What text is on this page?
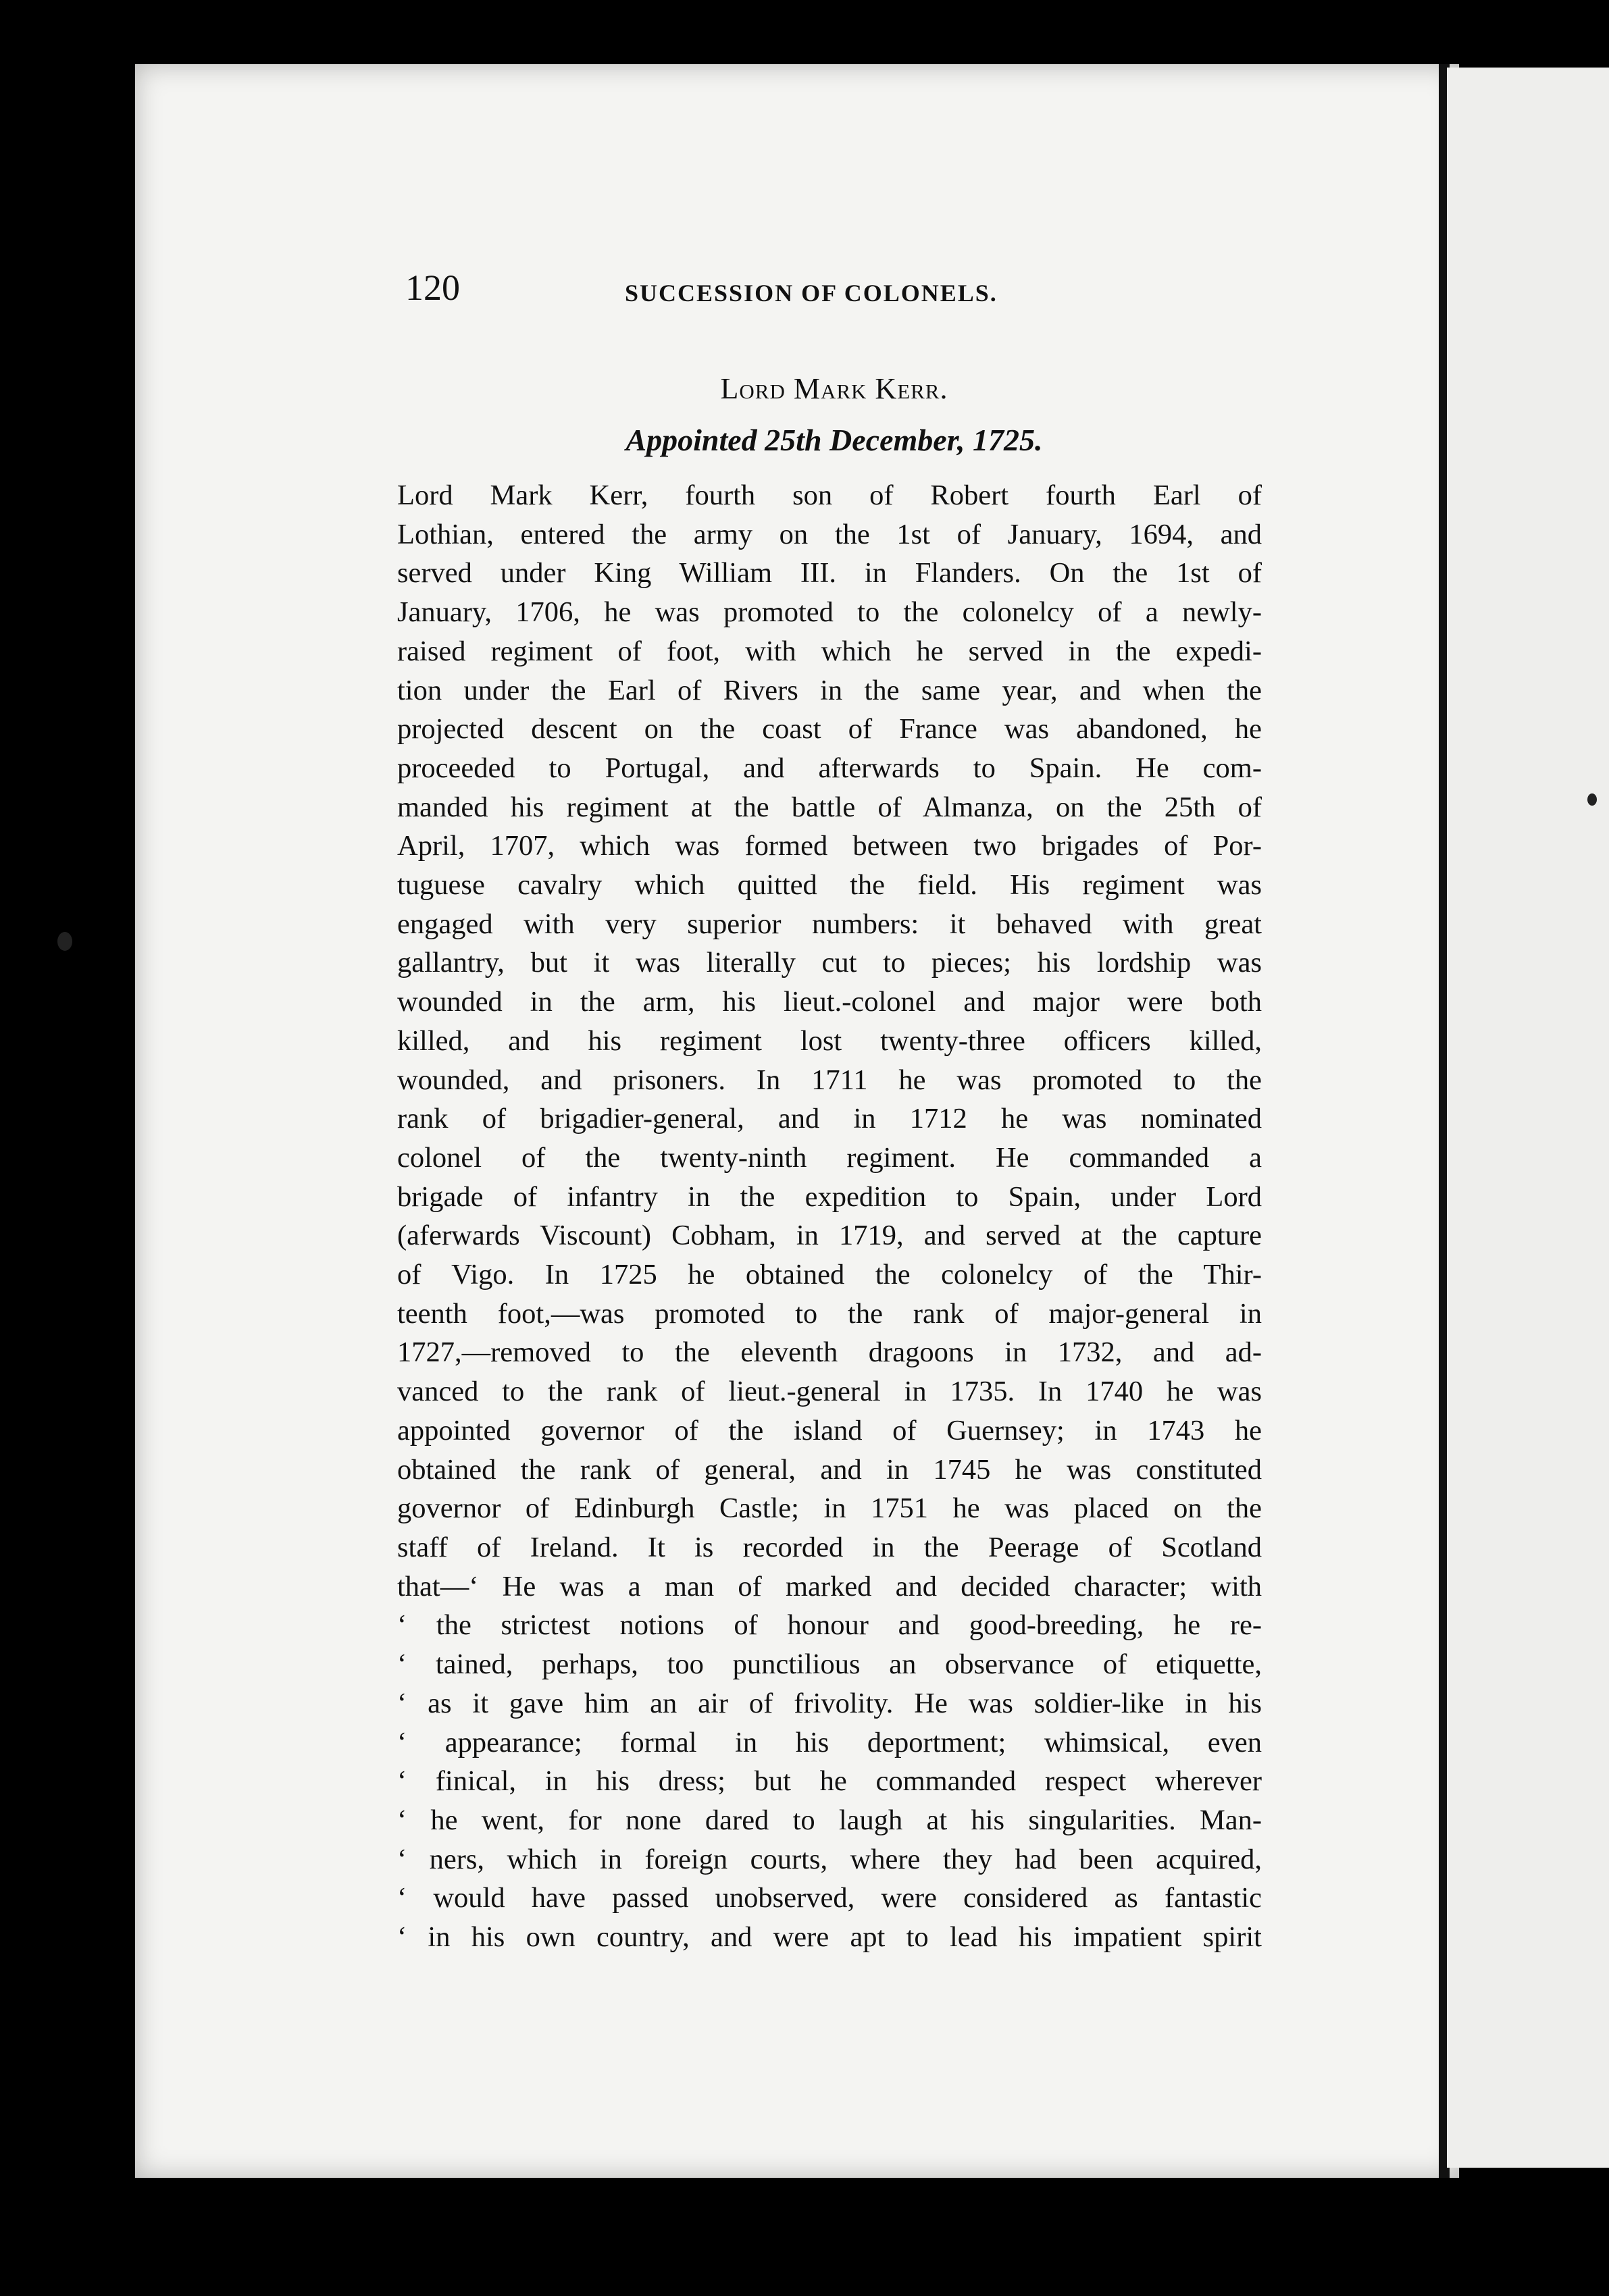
120	SUCCESSION OF COLONELS.
Lord Mark Kerr.
Appointed 25th December, 1725.
Lord Mark Kerr, fourth son of Robert fourth Earl of
Lothian, entered the army on the 1st of January, 1694, and
served under King William III. in Flanders. On the 1st of
January, 1706, he was promoted to the colonelcy of a newly-
raised regiment of foot, with which he served in the expedi-
tion under the Earl of Rivers in the same year, and when the
projected descent on the coast of France was abandoned, he
proceeded to Portugal, and afterwards to Spain. He com-
manded his regiment at the battle of Almanza, on the 25th of
April, 1707, which was formed between two brigades of Por-
tuguese cavalry which quitted the field. His regiment was
engaged with very superior numbers: it behaved with great
gallantry, but it was literally cut to pieces; his lordship was
wounded in the arm, his lieut.-colonel and major were both
killed, and his regiment lost twenty-three officers killed,
wounded, and prisoners. In 1711 he was promoted to the
rank of brigadier-general, and in 1712 he was nominated
colonel of the twenty-ninth regiment. He commanded a
brigade of infantry in the expedition to Spain, under Lord
(aferwards Viscount) Cobham, in 1719, and served at the capture
of Vigo. In 1725 he obtained the colonelcy of the Thir-
teenth foot,—was promoted to the rank of major-general in
1727,—removed to the eleventh dragoons in 1732, and ad-
vanced to the rank of lieut.-general in 1735. In 1740 he was
appointed governor of the island of Guernsey; in 1743 he
obtained the rank of general, and in 1745 he was constituted
governor of Edinburgh Castle; in 1751 he was placed on the
staff of Ireland. It is recorded in the Peerage of Scotland
that—‘ He was a man of marked and decided character; with
‘ the strictest notions of honour and good-breeding, he re-
‘ tained, perhaps, too punctilious an observance of etiquette,
‘ as it gave him an air of frivolity. He was soldier-like in his
‘ appearance; formal in his deportment; whimsical, even
‘ finical, in his dress; but he commanded respect wherever
‘ he went, for none dared to laugh at his singularities. Man-
‘ ners, which in foreign courts, where they had been acquired,
‘ would have passed unobserved, were considered as fantastic
‘ in his own country, and were apt to lead his impatient spirit
